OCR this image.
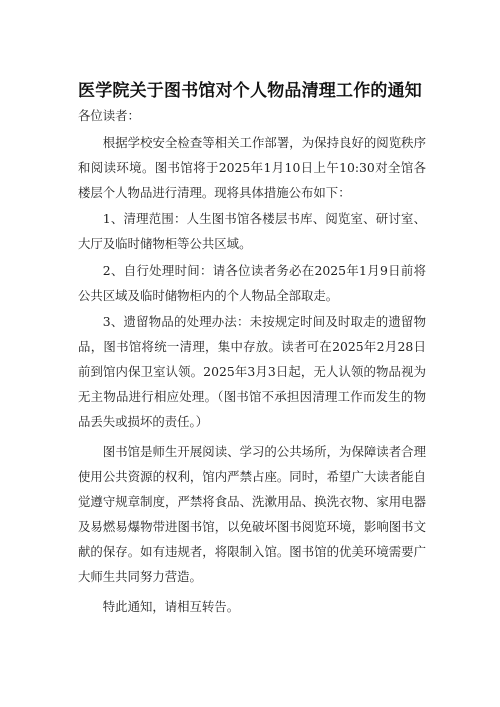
医学院关于图书馆对个人物品清理工作的通知

各位读者：

根据学校安全检查等相关工作部署，为保持良好的阅览秩序和阅读环境。图书馆将于2025年1月10日上午10:30对全馆各楼层个人物品进行清理。现将具体措施公布如下：

1、清理范围：人生图书馆各楼层书库、阅览室、研讨室、大厅及临时储物柜等公共区域。

2、自行处理时间：请各位读者务必在2025年1月9日前将公共区域及临时储物柜内的个人物品全部取走。

3、遗留物品的处理办法：未按规定时间及时取走的遗留物品，图书馆将统一清理，集中存放。读者可在2025年2月28日前到馆内保卫室认领。2025年3月3日起，无人认领的物品视为无主物品进行相应处理。（图书馆不承担因清理工作而发生的物品丢失或损坏的责任。）

图书馆是师生开展阅读、学习的公共场所，为保障读者合理使用公共资源的权利，馆内严禁占座。同时，希望广大读者能自觉遵守规章制度，严禁将食品、洗漱用品、换洗衣物、家用电器及易燃易爆物带进图书馆，以免破坏图书阅览环境，影响图书文献的保存。如有违规者，将限制入馆。图书馆的优美环境需要广大师生共同努力营造。

特此通知，请相互转告。
